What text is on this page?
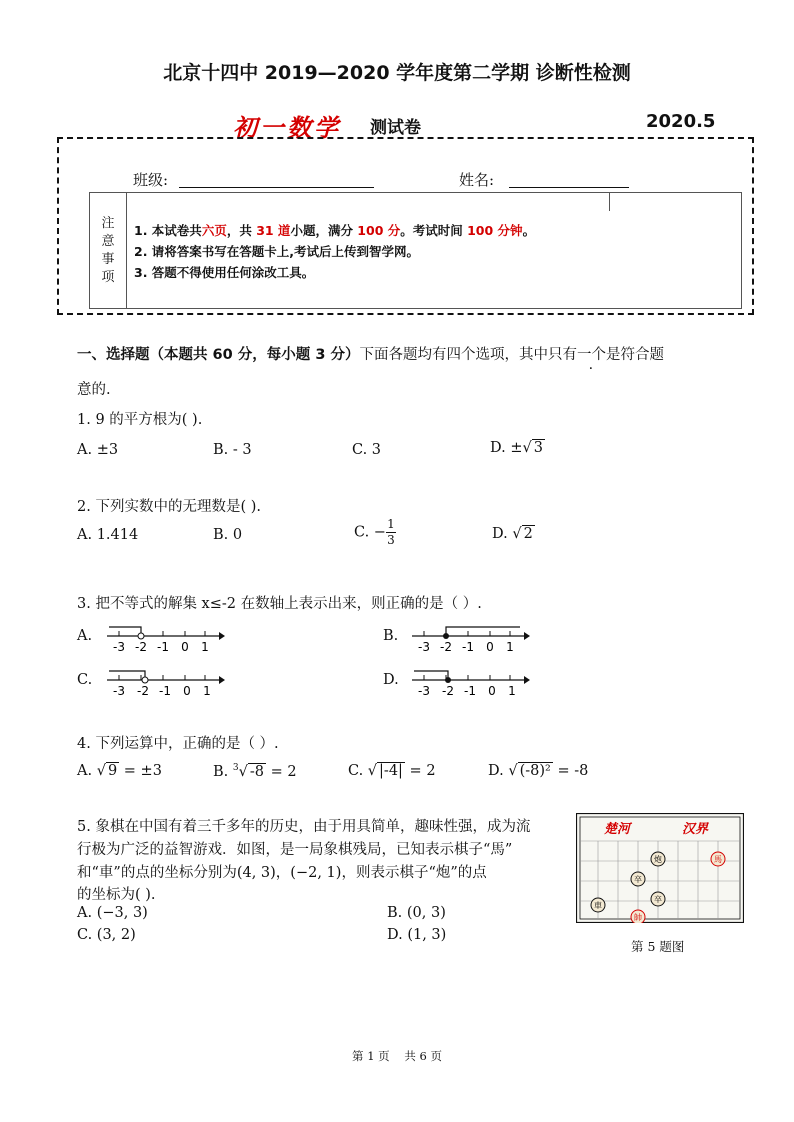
北京十四中 2019—2020 学年度第二学期 诊断性检测
初一数学 测试卷	2020.5
班级:	姓名:
注
意
事
项
1. 本试卷共六页，共 31 道小题，满分 100 分。考试时间 100 分钟。
2. 请将答案书写在答题卡上,考试后上传到智学网。
3. 答题不得使用任何涂改工具。
一、选择题（本题共 60 分，每小题 3 分）下面各题均有四个选项，其中只有一个是符合题
意的.
1. 9 的平方根为( ).
A. ±3	B. - 3	C. 3	D. ±√ 3
2. 下列实数中的无理数是( ).
A. 1.414	B. 0	C. − $\frac{1}{3}$	D. √ 2
3. 把不等式的解集 x≤-2 在数轴上表示出来，则正确的是（ ）.
A.
-3 -2 -1 0 1
B.
-3 -2 -1 0 1
C.
-3 -2 -1 0 1
D.
-3 -2 -1 0 1
4. 下列运算中，正确的是（ ）.
A. √ 9 = ±3	B. $^3$√ -8 = 2	C. √ |-4| = 2	D. √ (-8)² = -8
5. 象棋在中国有着三千多年的历史，由于用具简单，趣味性强，成为流
行极为广泛的益智游戏．如图，是一局象棋残局，已知表示棋子“馬”
和“車”的点的坐标分别为(4, 3)，(−2, 1)，则表示棋子“炮”的点
的坐标为( ).
A. (−3, 3)	B. (0, 3)
C. (3, 2)	D. (1, 3)
楚河	汉界
炮	馬
卒
卒
車
帥
第 5 题图
第 1 页 共 6 页
